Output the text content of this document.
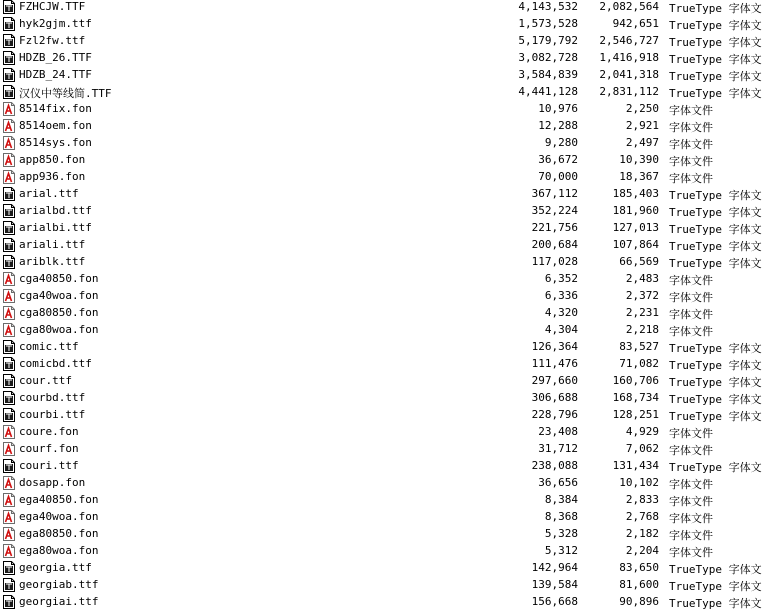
FZHCJW.TTF	4,143,532 2,082,564 TrueType 字体文
hyk2gjm.ttf	1,573,528	942,651 TrueType 字体文
Fzl2fw.ttf	5,179,792 2,546,727 TrueType 字体文
HDZB_26.TTF	3,082,728 1,416,918 TrueType 字体文
HDZB_24.TTF	3,584,839 2,041,318 TrueType 字体文
汉仪中等线简.TTF	4,441,128 2,831,112 TrueType 字体文
8514fix.fon	10,976	2,250 字体文件
8514oem.fon	12,288	2,921 字体文件
8514sys.fon	9,280	2,497 字体文件
app850.fon	36,672	10,390 字体文件
app936.fon	70,000	18,367 字体文件
arial.ttf	367,112	185,403 TrueType 字体文
arialbd.ttf	352,224	181,960 TrueType 字体文
arialbi.ttf	221,756	127,013 TrueType 字体文
ariali.ttf	200,684	107,864 TrueType 字体文
ariblk.ttf	117,028	66,569 TrueType 字体文
cga40850.fon	6,352	2,483 字体文件
cga40woa.fon	6,336	2,372 字体文件
cga80850.fon	4,320	2,231 字体文件
cga80woa.fon	4,304	2,218 字体文件
comic.ttf	126,364	83,527 TrueType 字体文
comicbd.ttf	111,476	71,082 TrueType 字体文
cour.ttf	297,660	160,706 TrueType 字体文
courbd.ttf	306,688	168,734 TrueType 字体文
courbi.ttf	228,796	128,251 TrueType 字体文
coure.fon	23,408	4,929 字体文件
courf.fon	31,712	7,062 字体文件
couri.ttf	238,088	131,434 TrueType 字体文
dosapp.fon	36,656	10,102 字体文件
ega40850.fon	8,384	2,833 字体文件
ega40woa.fon	8,368	2,768 字体文件
ega80850.fon	5,328	2,182 字体文件
ega80woa.fon	5,312	2,204 字体文件
georgia.ttf	142,964	83,650 TrueType 字体文
georgiab.ttf	139,584	81,600 TrueType 字体文
georgiai.ttf	156,668	90,896 TrueType 字体文
